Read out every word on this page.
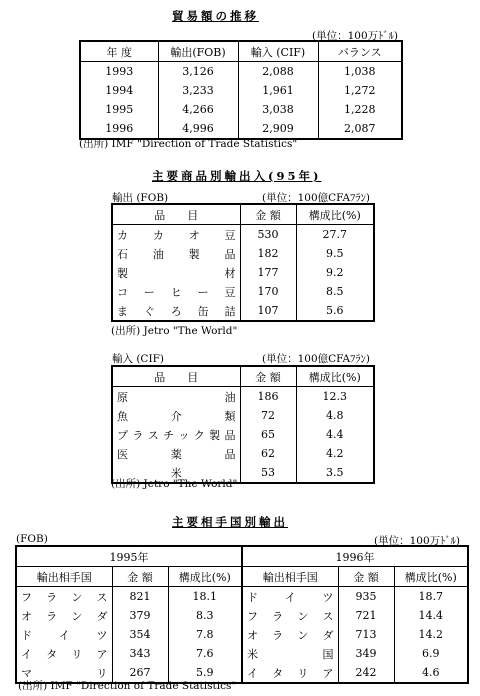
貿易額の推移
(単位：100万ﾄﾞﾙ)
年 度	輸出(FOB)	輸入 (CIF)	バランス
1993	3,126	2,088	1,038
1994	3,233	1,961	1,272
1995	4,266	3,038	1,228
1996	4,996	2,909	2,087
(出所) IMF "Direction of Trade Statistics"
主要商品別輸出入(95年)
輸出 (FOB)	(単位：100億CFAﾌﾗﾝ)
品　　目	金 額	構成比(%)
カ カ オ 豆	530	27.7
石 油 製 品	182	9.5
製 材	177	9.2
コ ー ヒ ー 豆	170	8.5
ま ぐ ろ 缶 詰	107	5.6
(出所) Jetro "The World"
輸入 (CIF)	(単位：100億CFAﾌﾗﾝ)
品　　目	金 額	構成比(%)
原 油	186	12.3
魚 介 類	72	4.8
プ ラ ス チ ッ ク 製 品	65	4.4
医 薬 品	62	4.2
米	53	3.5
(出所) Jetro "The World"
主要相手国別輸出
(FOB)	(単位：100万ﾄﾞﾙ)
1995年			1996年		
輸出相手国	金 額	構成比(%)	輸出相手国	金 額	構成比(%)
フ ラ ン ス	821	18.1	ド イ ツ	935	18.7
オ ラ ン ダ	379	8.3	フ ラ ン ス	721	14.4
ド イ ツ	354	7.8	オ ラ ン ダ	713	14.2
イ タ リ ア	343	7.6	米 国	349	6.9
マ リ	267	5.9	イ タ リ ア	242	4.6
(出所) IMF "Direction of Trade Statistics"
